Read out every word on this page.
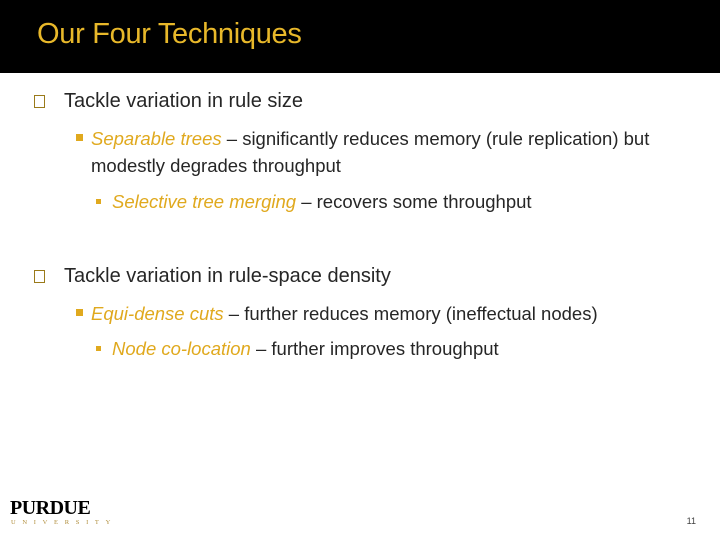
Our Four Techniques
Tackle variation in rule size
Separable trees – significantly reduces memory (rule replication) but modestly degrades throughput
Selective tree merging – recovers some throughput
Tackle variation in rule-space density
Equi-dense cuts – further reduces memory (ineffectual nodes)
Node co-location – further improves throughput
PURDUE
UNIVERSITY	11
